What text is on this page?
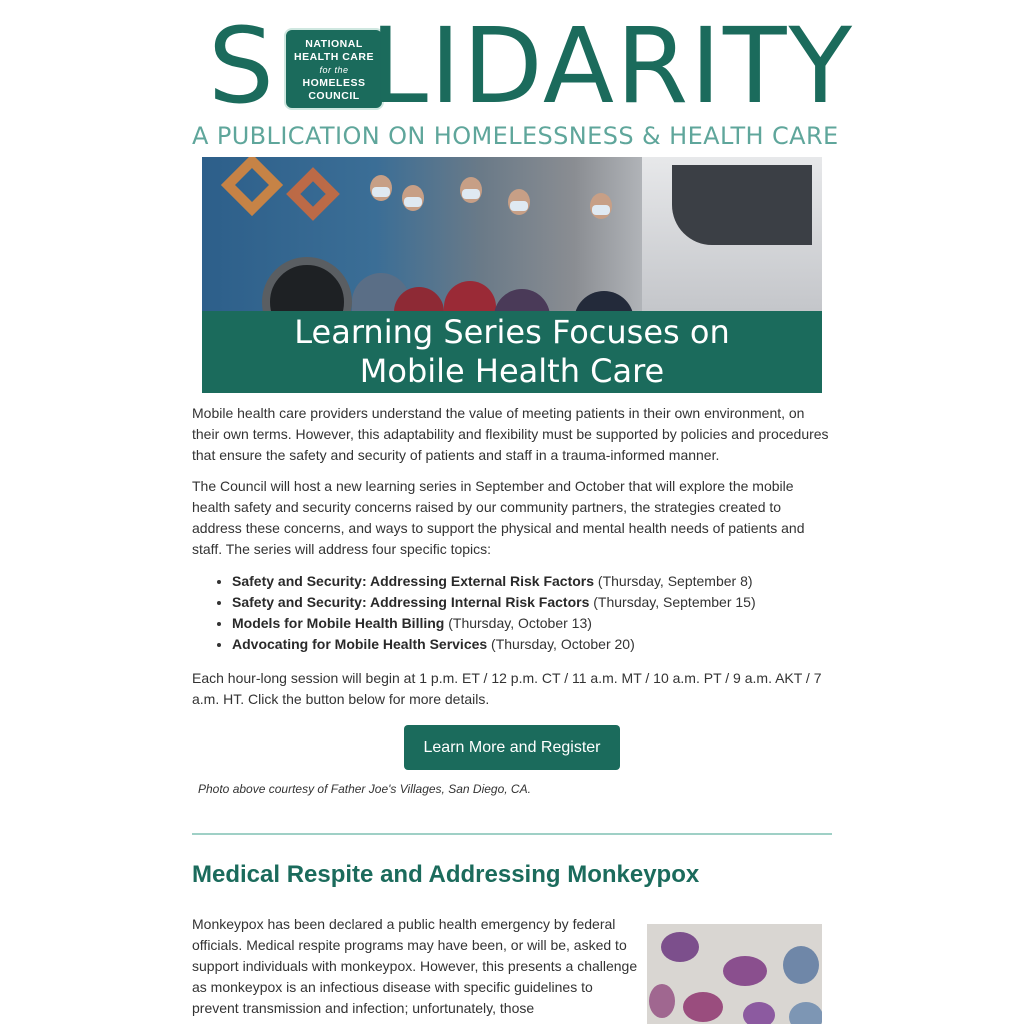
S	NATIONAL
HEALTH CARE
for the
HOMELESS
COUNCIL LIDARITY
A PUBLICATION ON HOMELESSNESS & HEALTH CARE
Learning Series Focuses on
Mobile Health Care

Mobile health care providers understand the value of meeting patients in their own environment, on their own terms. However, this adaptability and flexibility must be supported by policies and procedures that ensure the safety and security of patients and staff in a trauma-informed manner.

The Council will host a new learning series in September and October that will explore the mobile health safety and security concerns raised by our community partners, the strategies created to address these concerns, and ways to support the physical and mental health needs of patients and staff. The series will address four specific topics:

• Safety and Security: Addressing External Risk Factors (Thursday, September 8)
• Safety and Security: Addressing Internal Risk Factors (Thursday, September 15)
• Models for Mobile Health Billing (Thursday, October 13)
• Advocating for Mobile Health Services (Thursday, October 20)

Each hour-long session will begin at 1 p.m. ET / 12 p.m. CT / 11 a.m. MT / 10 a.m. PT / 9 a.m. AKT / 7 a.m. HT. Click the button below for more details.

Learn More and Register
Photo above courtesy of Father Joe's Villages, San Diego, CA.
Medical Respite and Addressing Monkeypox

Monkeypox has been declared a public health emergency by federal officials. Medical respite programs may have been, or will be, asked to support individuals with monkeypox. However, this presents a challenge as monkeypox is an infectious disease with specific guidelines to prevent transmission and infection; unfortunately, those
